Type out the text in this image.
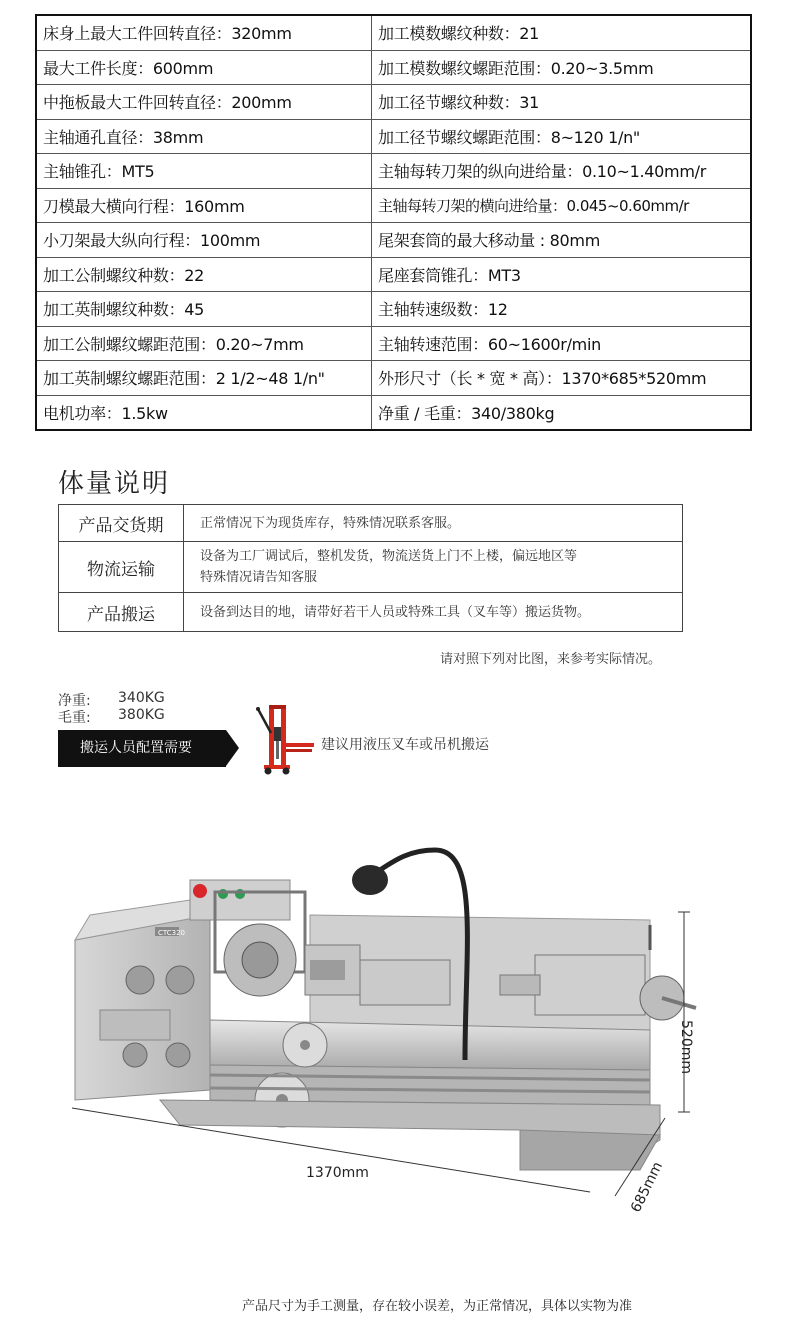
床身上最大工件回转直径：320mm	加工模数螺纹种数：21
最大工件长度：600mm	加工模数螺纹螺距范围：0.20~3.5mm
中拖板最大工件回转直径：200mm	加工径节螺纹种数：31
主轴通孔直径：38mm	加工径节螺纹螺距范围：8~120 1/n"
主轴锥孔：MT5	主轴每转刀架的纵向进给量：0.10~1.40mm/r
刀模最大横向行程：160mm	主轴每转刀架的横向进给量：0.045~0.60mm/r
小刀架最大纵向行程：100mm	尾架套筒的最大移动量 : 80mm
加工公制螺纹种数：22	尾座套筒锥孔：MT3
加工英制螺纹种数：45	主轴转速级数：12
加工公制螺纹螺距范围：0.20~7mm	主轴转速范围：60~1600r/min
加工英制螺纹螺距范围：2 1/2~48 1/n"	外形尺寸（长 * 宽 * 高）：1370*685*520mm
电机功率：1.5kw	净重 / 毛重：340/380kg
体量说明
产品交货期	正常情况下为现货库存，特殊情况联系客服。

物流运输	设备为工厂调试后，整机发货，物流送货上门不上楼，偏远地区等
特殊情况请告知客服

产品搬运	设备到达目的地，请带好若干人员或特殊工具（叉车等）搬运货物。
请对照下列对比图，来参考实际情况。
净重: 340KG
毛重: 380KG
搬运人员配置需要	建议用液压叉车或吊机搬运
CTC320
1370mm
520mm
685mm
产品尺寸为手工测量，存在较小误差，为正常情况，具体以实物为准
